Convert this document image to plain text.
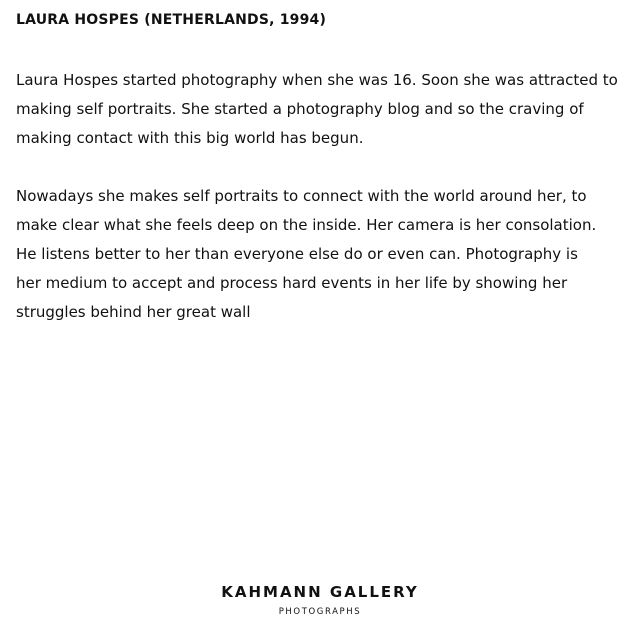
LAURA HOSPES (NETHERLANDS, 1994)

Laura Hospes started photography when she was 16. Soon she was attracted to
making self portraits. She started a photography blog and so the craving of
making contact with this big world has begun.

Nowadays she makes self portraits to connect with the world around her, to
make clear what she feels deep on the inside. Her camera is her consolation.
He listens better to her than everyone else do or even can. Photography is
her medium to accept and process hard events in her life by showing her
struggles behind her great wall

KAHMANN GALLERY
PHOTOGRAPHS
